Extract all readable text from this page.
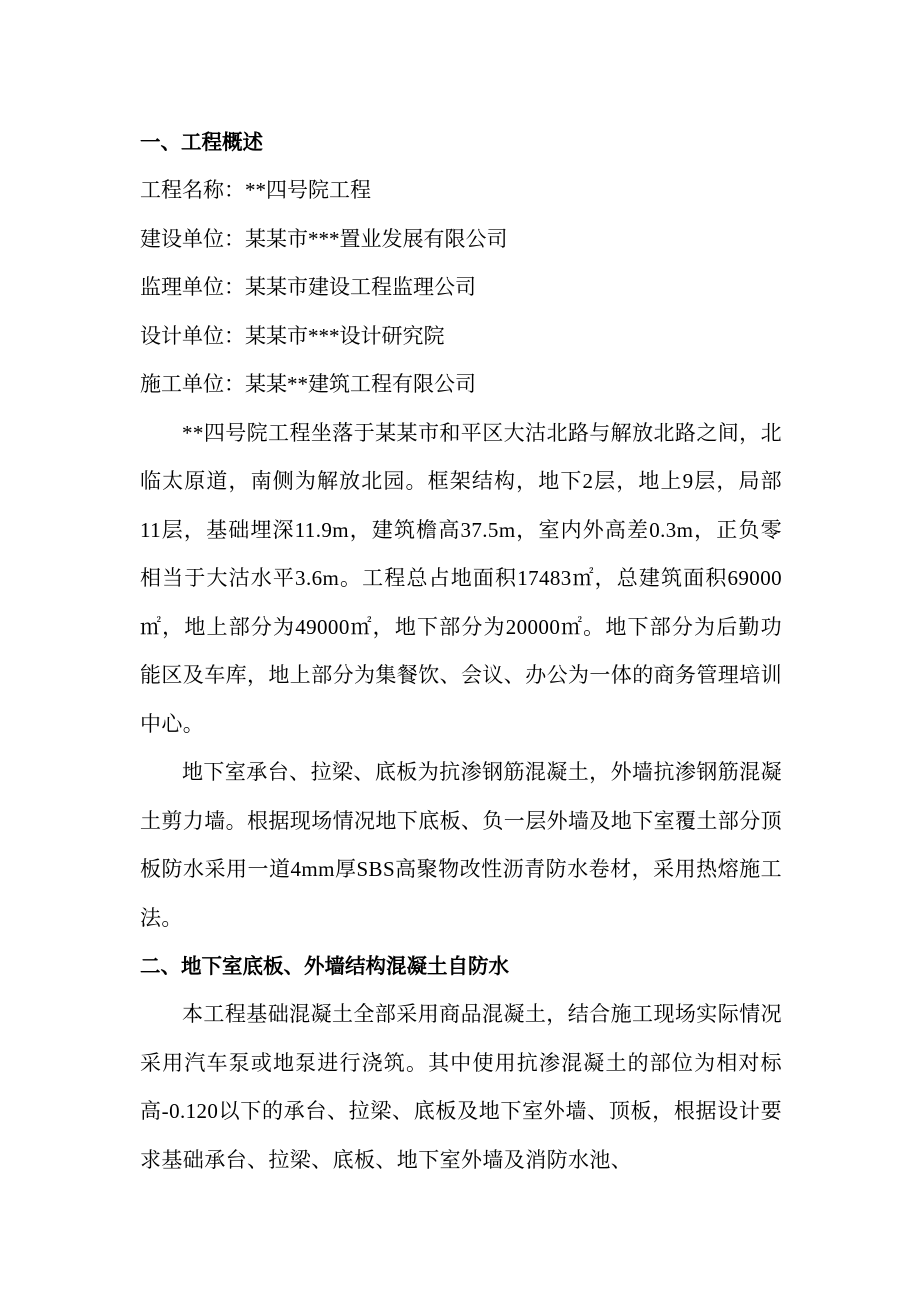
一、工程概述
工程名称：**四号院工程
建设单位：某某市***置业发展有限公司
监理单位：某某市建设工程监理公司
设计单位：某某市***设计研究院
施工单位：某某**建筑工程有限公司

**四号院工程坐落于某某市和平区大沽北路与解放北路之间，北临太原道，南侧为解放北园。框架结构，地下2层，地上9层，局部11层，基础埋深11.9m，建筑檐高37.5m，室内外高差0.3m，正负零相当于大沽水平3.6m。工程总占地面积17483㎡，总建筑面积69000㎡，地上部分为49000㎡，地下部分为20000㎡。地下部分为后勤功能区及车库，地上部分为集餐饮、会议、办公为一体的商务管理培训中心。

地下室承台、拉梁、底板为抗渗钢筋混凝土，外墙抗渗钢筋混凝土剪力墙。根据现场情况地下底板、负一层外墙及地下室覆土部分顶板防水采用一道4mm厚SBS高聚物改性沥青防水卷材，采用热熔施工法。

二、地下室底板、外墙结构混凝土自防水

本工程基础混凝土全部采用商品混凝土，结合施工现场实际情况采用汽车泵或地泵进行浇筑。其中使用抗渗混凝土的部位为相对标高-0.120以下的承台、拉梁、底板及地下室外墙、顶板，根据设计要求基础承台、拉梁、底板、地下室外墙及消防水池、
